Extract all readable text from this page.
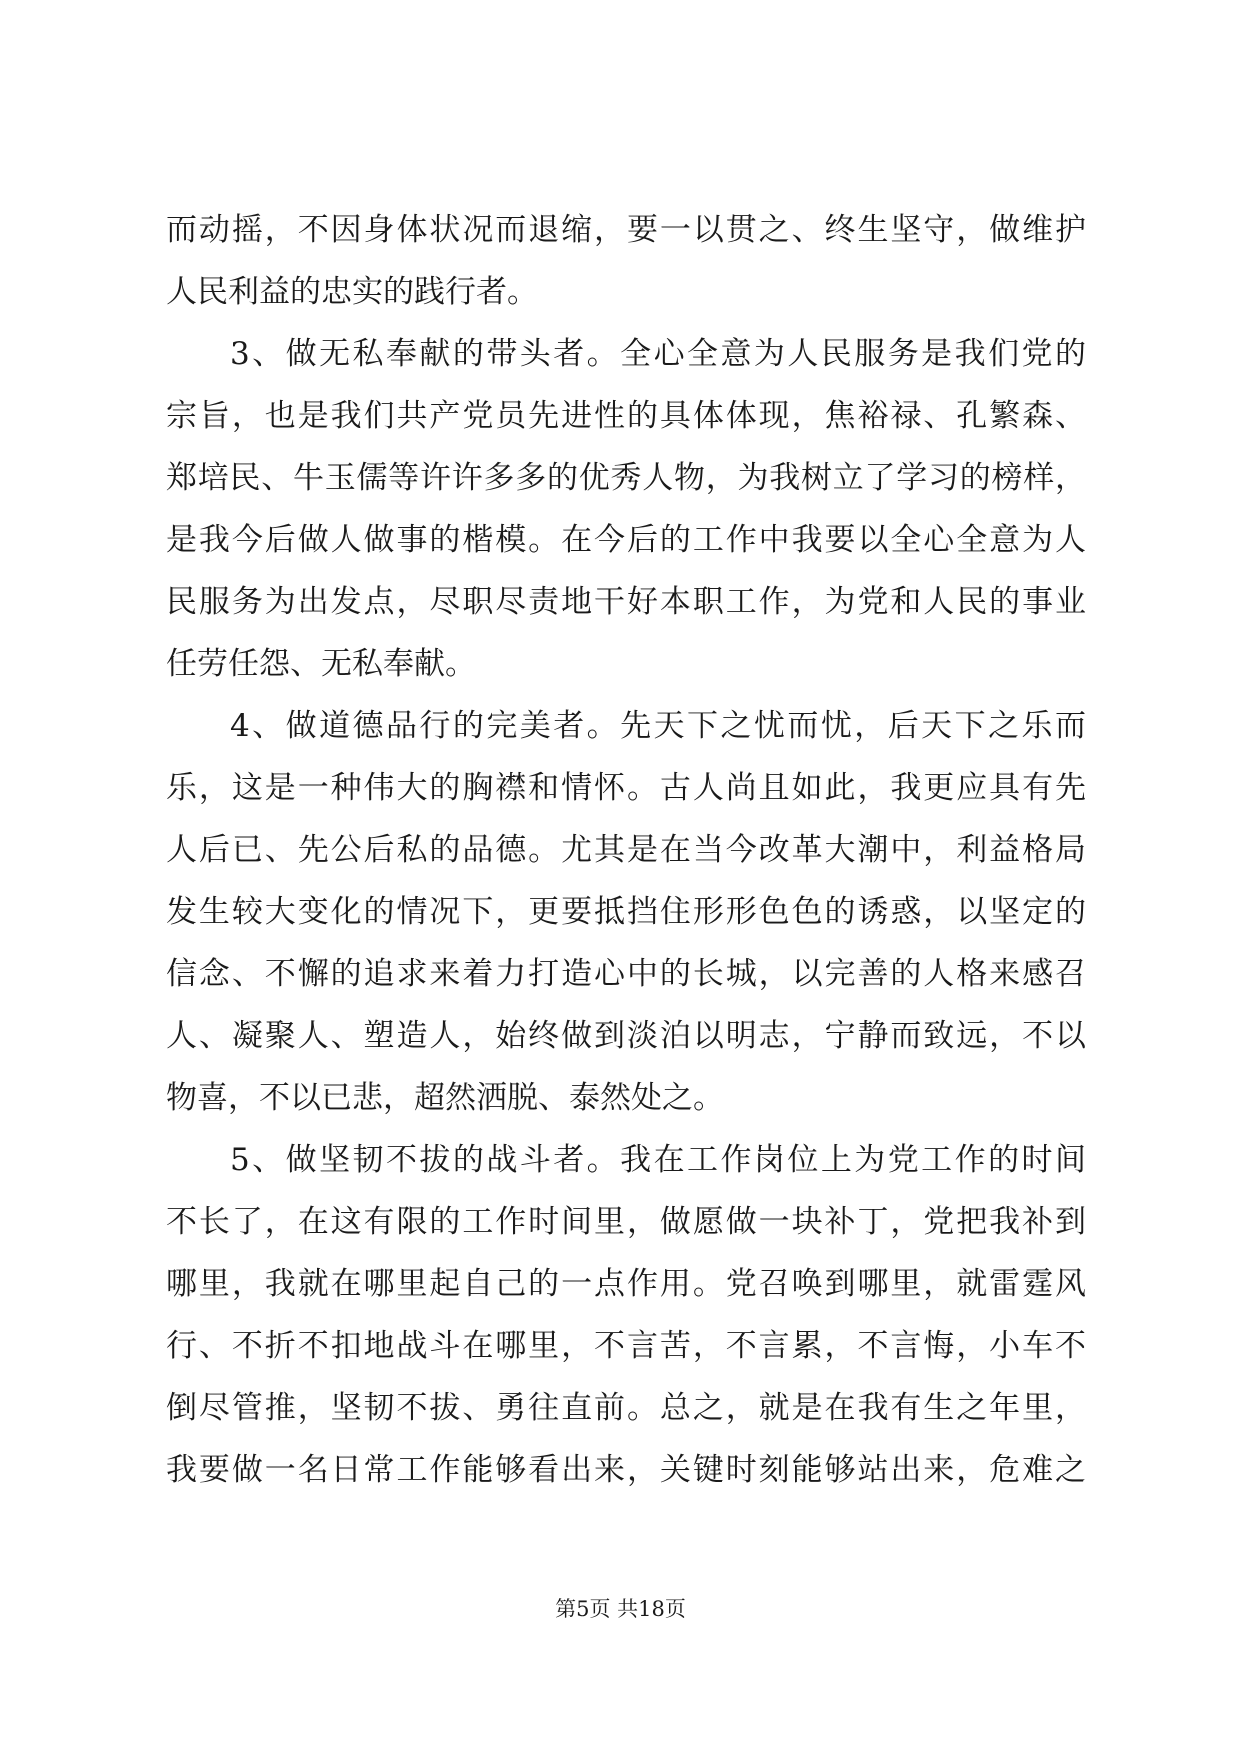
而动摇，不因身体状况而退缩，要一以贯之、终生坚守，做维护
人民利益的忠实的践行者。
3、做无私奉献的带头者。全心全意为人民服务是我们党的
宗旨，也是我们共产党员先进性的具体体现，焦裕禄、孔繁森、
郑培民、牛玉儒等许许多多的优秀人物，为我树立了学习的榜样，
是我今后做人做事的楷模。在今后的工作中我要以全心全意为人
民服务为出发点，尽职尽责地干好本职工作，为党和人民的事业
任劳任怨、无私奉献。
4、做道德品行的完美者。先天下之忧而忧，后天下之乐而
乐，这是一种伟大的胸襟和情怀。古人尚且如此，我更应具有先
人后已、先公后私的品德。尤其是在当今改革大潮中，利益格局
发生较大变化的情况下，更要抵挡住形形色色的诱惑，以坚定的
信念、不懈的追求来着力打造心中的长城，以完善的人格来感召
人、凝聚人、塑造人，始终做到淡泊以明志，宁静而致远，不以
物喜，不以已悲，超然洒脱、泰然处之。
5、做坚韧不拔的战斗者。我在工作岗位上为党工作的时间
不长了，在这有限的工作时间里，做愿做一块补丁，党把我补到
哪里，我就在哪里起自己的一点作用。党召唤到哪里，就雷霆风
行、不折不扣地战斗在哪里，不言苦，不言累，不言悔，小车不
倒尽管推，坚韧不拔、勇往直前。总之，就是在我有生之年里，
我要做一名日常工作能够看出来，关键时刻能够站出来，危难之
第5页 共18页
